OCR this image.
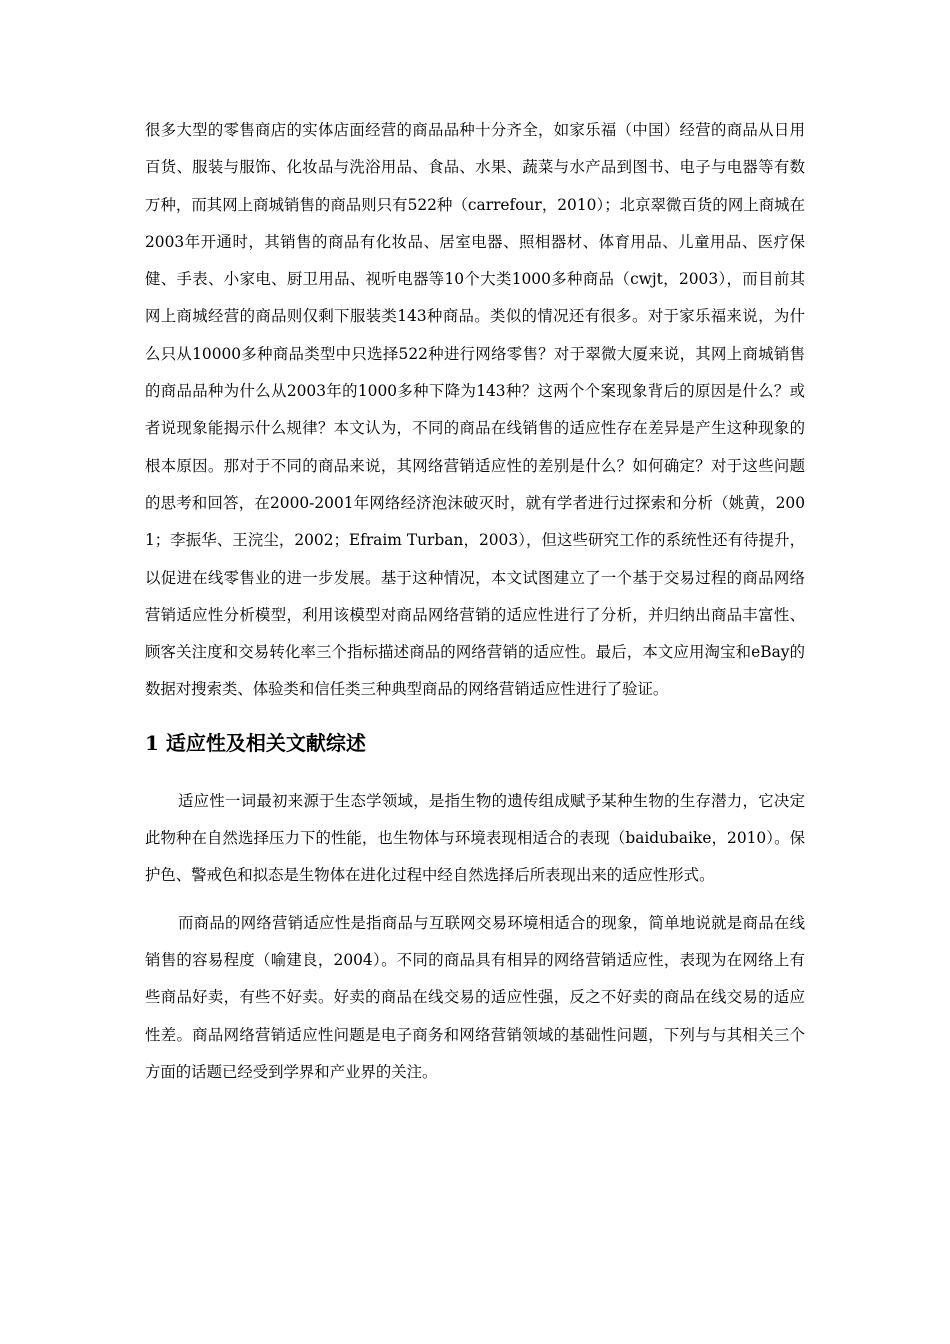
很多大型的零售商店的实体店面经营的商品品种十分齐全，如家乐福（中国）经营的商品从日用百货、服装与服饰、化妆品与洗浴用品、食品、水果、蔬菜与水产品到图书、电子与电器等有数万种，而其网上商城销售的商品则只有522种（carrefour，2010）；北京翠微百货的网上商城在2003年开通时，其销售的商品有化妆品、居室电器、照相器材、体育用品、儿童用品、医疗保健、手表、小家电、厨卫用品、视听电器等10个大类1000多种商品（cwjt，2003），而目前其网上商城经营的商品则仅剩下服装类143种商品。类似的情况还有很多。对于家乐福来说，为什么只从10000多种商品类型中只选择522种进行网络零售？对于翠微大厦来说，其网上商城销售的商品品种为什么从2003年的1000多种下降为143种？这两个个案现象背后的原因是什么？或者说现象能揭示什么规律？本文认为，不同的商品在线销售的适应性存在差异是产生这种现象的根本原因。那对于不同的商品来说，其网络营销适应性的差别是什么？如何确定？对于这些问题的思考和回答，在2000-2001年网络经济泡沫破灭时，就有学者进行过探索和分析（姚黄，2001；李振华、王浣尘，2002；Efraim Turban，2003），但这些研究工作的系统性还有待提升，以促进在线零售业的进一步发展。基于这种情况，本文试图建立了一个基于交易过程的商品网络营销适应性分析模型，利用该模型对商品网络营销的适应性进行了分析，并归纳出商品丰富性、顾客关注度和交易转化率三个指标描述商品的网络营销的适应性。最后，本文应用淘宝和eBay的数据对搜索类、体验类和信任类三种典型商品的网络营销适应性进行了验证。

1 适应性及相关文献综述

适应性一词最初来源于生态学领域，是指生物的遗传组成赋予某种生物的生存潜力，它决定此物种在自然选择压力下的性能，也生物体与环境表现相适合的表现（baidubaike，2010）。保护色、警戒色和拟态是生物体在进化过程中经自然选择后所表现出来的适应性形式。

而商品的网络营销适应性是指商品与互联网交易环境相适合的现象，简单地说就是商品在线销售的容易程度（喻建良，2004）。不同的商品具有相异的网络营销适应性，表现为在网络上有些商品好卖，有些不好卖。好卖的商品在线交易的适应性强，反之不好卖的商品在线交易的适应性差。商品网络营销适应性问题是电子商务和网络营销领域的基础性问题，下列与与其相关三个方面的话题已经受到学界和产业界的关注。
